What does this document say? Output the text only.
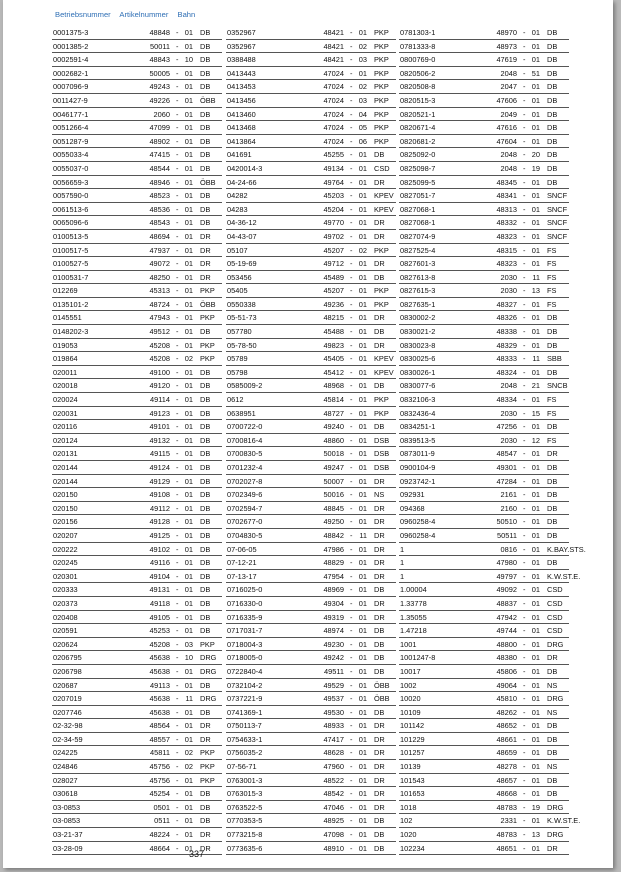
Betriebsnummer Artikelnummer Bahn
0001375-3	48848 - 01 DB
0001385-2	50011 - 01 DB
0002591-4	48843 - 10 DB
0002682-1	50005 - 01 DB
0007096-9	49243 - 01 DB
0011427-9	49226 - 01 ÖBB
0046177-1	2060 - 01 DB
0051266-4	47099 - 01 DB
0051287-9	48902 - 01 DB
0055033-4	47415 - 01 DB
0055037-0	48544 - 01 DB
0056659-3	48946 - 01 ÖBB
0057590-0	48523 - 01 DB
0061513-6	48536 - 01 DB
0065096-6	48543 - 01 DB
0100513-5	48694 - 01 DR
0100517-5	47937 - 01 DR
0100527-5	49072 - 01 DR
0100531-7	48250 - 01 DR
012269	45313 - 01 PKP
0135101-2	48724 - 01 ÖBB
0145551	47943 - 01 PKP
0148202-3	49512 - 01 DB
019053	45208 - 01 PKP
019864	45208 - 02 PKP
020011	49100 - 01 DB
020018	49120 - 01 DB
020024	49114 - 01 DB
020031	49123 - 01 DB
020116	49101 - 01 DB
020124	49132 - 01 DB
020131	49115 - 01 DB
020144	49124 - 01 DB
020144	49129 - 01 DB
020150	49108 - 01 DB
020150	49112 - 01 DB
020156	49128 - 01 DB
020207	49125 - 01 DB
020222	49102 - 01 DB
020245	49116 - 01 DB
020301	49104 - 01 DB
020333	49131 - 01 DB
020373	49118 - 01 DB
020408	49105 - 01 DB
020591	45253 - 01 DB
020624	45208 - 03 PKP
0206795	45638 - 10 DRG
0206798	45638 - 01 DRG
020687	49113 - 01 DB
0207019	45638 - 11 DRG
0207746	45638 - 01 DB
02-32-98	48564 - 01 DR
02-34-59	48557 - 01 DR
024225	45811 - 02 PKP
024846	45756 - 02 PKP
028027	45756 - 01 PKP
030618	45254 - 01 DB
03-0853	0501 - 01 DB
03-0853	0511 - 01 DB
03-21-37	48224 - 01 DR
03-28-09	48664 - 01 DR
0352967	48421 - 01 PKP
0352967	48421 - 02 PKP
0388488	48421 - 03 PKP
0413443	47024 - 01 PKP
0413453	47024 - 02 PKP
0413456	47024 - 03 PKP
0413460	47024 - 04 PKP
0413468	47024 - 05 PKP
0413864	47024 - 06 PKP
041691	45255 - 01 DB
0420014-3	49134 - 01 CSD
04-24-66	49764 - 01 DR
04282	45203 - 01 KPEV
04283	45204 - 01 KPEV
04-36-12	49770 - 01 DR
04-43-07	49702 - 01 DR
05107	45207 - 02 PKP
05-19-69	49712 - 01 DR
053456	45489 - 01 DB
05405	45207 - 01 PKP
0550338	49236 - 01 PKP
05-51-73	48215 - 01 DR
057780	45488 - 01 DB
05-78-50	49823 - 01 DR
05789	45405 - 01 KPEV
05798	45412 - 01 KPEV
0585009-2	48968 - 01 DB
0612	45814 - 01 PKP
0638951	48727 - 01 PKP
0700722-0	49240 - 01 DB
0700816-4	48860 - 01 DSB
0700830-5	50018 - 01 DSB
0701232-4	49247 - 01 DSB
0702027-8	50007 - 01 DR
0702349-6	50016 - 01 NS
0702594-7	48845 - 01 DR
0702677-0	49250 - 01 DR
0704830-5	48842 - 11 DR
07-06-05	47986 - 01 DR
07-12-21	48829 - 01 DR
07-13-17	47954 - 01 DR
0716025-0	48969 - 01 DB
0716330-0	49304 - 01 DR
0716335-9	49319 - 01 DR
0717031-7	48974 - 01 DB
0718004-3	49230 - 01 DB
0718005-0	49242 - 01 DB
0722840-4	49511 - 01 DB
0732104-2	49529 - 01 ÖBB
0737221-9	49537 - 01 ÖBB
0741369-1	49530 - 01 DB
0750113-7	48933 - 01 DR
0754633-1	47417 - 01 DR
0756035-2	48628 - 01 DR
07-56-71	47960 - 01 DR
0763001-3	48522 - 01 DR
0763015-3	48542 - 01 DR
0763522-5	47046 - 01 DR
0770353-5	48925 - 01 DB
0773215-8	47098 - 01 DB
0773635-6	48910 - 01 DB
0781303-1	48970 - 01 DB
0781333-8	48973 - 01 DB
0800769-0	47619 - 01 DB
0820506-2	2048 - 51 DB
0820508-8	2047 - 01 DB
0820515-3	47606 - 01 DB
0820521-1	2049 - 01 DB
0820671-4	47616 - 01 DB
0820681-2	47604 - 01 DB
0825092-0	2048 - 20 DB
0825098-7	2048 - 19 DB
0825099-5	48345 - 01 DB
0827051-7	48341 - 01 SNCF
0827068-1	48313 - 01 SNCF
0827068-1	48332 - 01 SNCF
0827074-9	48323 - 01 SNCF
0827525-4	48315 - 01 FS
0827601-3	48323 - 01 FS
0827613-8	2030 - 11 FS
0827615-3	2030 - 13 FS
0827635-1	48327 - 01 FS
0830002-2	48326 - 01 DB
0830021-2	48338 - 01 DB
0830023-8	48329 - 01 DB
0830025-6	48333 - 11 SBB
0830026-1	48324 - 01 DB
0830077-6	2048 - 21 SNCB
0832106-3	48334 - 01 FS
0832436-4	2030 - 15 FS
0834251-1	47256 - 01 DB
0839513-5	2030 - 12 FS
0873011-9	48547 - 01 DR
0900104-9	49301 - 01 DB
0923742-1	47284 - 01 DB
092931	2161 - 01 DB
094368	2160 - 01 DB
0960258-4	50510 - 01 DB
0960258-4	50511 - 01 DB
1	0816 - 01 K.BAY.STS.
1	47980 - 01 DB
1	49797 - 01 K.W.ST.E.
1.00004	49092 - 01 CSD
1.33778	48837 - 01 CSD
1.35055	47942 - 01 CSD
1.47218	49744 - 01 CSD
1001	48800 - 01 DRG
1001247-8	48380 - 01 DR
10017	45806 - 01 DB
1002	49064 - 01 NS
10020	45810 - 01 DRG
10109	48262 - 01 NS
101142	48652 - 01 DB
101229	48661 - 01 DB
101257	48659 - 01 DB
10139	48278 - 01 NS
101543	48657 - 01 DB
101653	48668 - 01 DB
1018	48783 - 19 DRG
102	2331 - 01 K.W.ST.E.
1020	48783 - 13 DRG
102234	48651 - 01 DR
337
